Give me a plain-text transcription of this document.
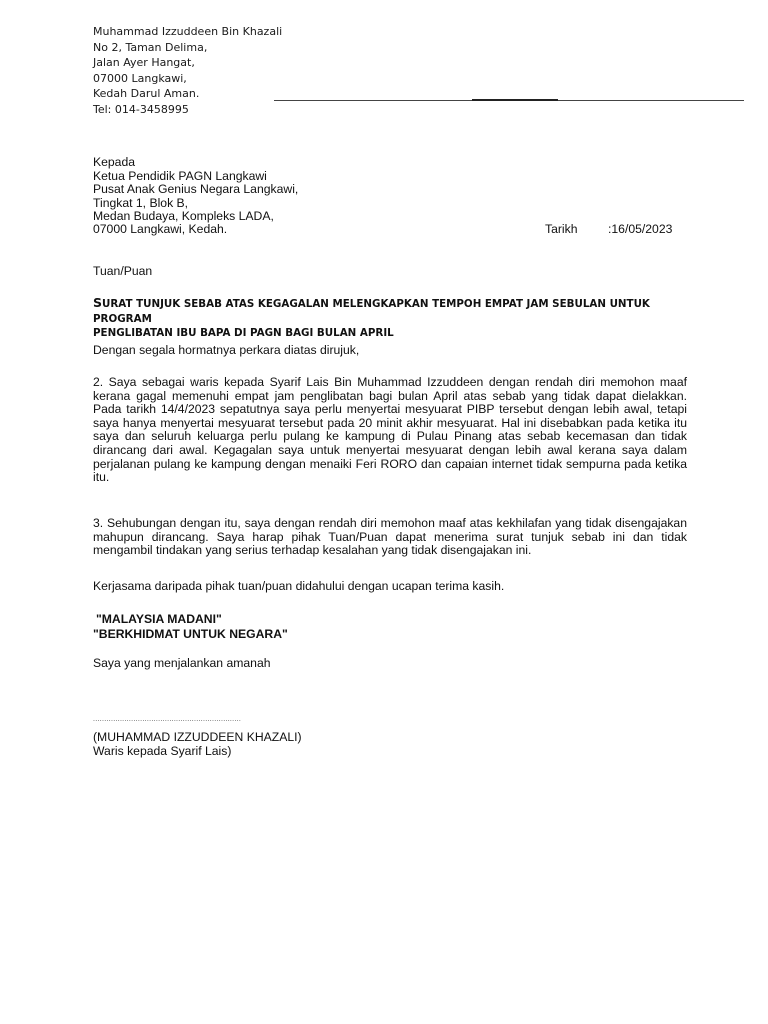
Muhammad Izzuddeen Bin Khazali
No 2, Taman Delima,
Jalan Ayer Hangat,
07000 Langkawi,
Kedah Darul Aman.
Tel: 014-3458995
Kepada
Ketua Pendidik PAGN Langkawi
Pusat Anak Genius Negara Langkawi,
Tingkat 1, Blok B,
Medan Budaya, Kompleks LADA,
07000 Langkawi, Kedah.	Tarikh :16/05/2023
Tuan/Puan
SURAT TUNJUK SEBAB ATAS KEGAGALAN MELENGKAPKAN TEMPOH EMPAT JAM SEBULAN UNTUK PROGRAM
PENGLIBATAN IBU BAPA DI PAGN BAGI BULAN APRIL
Dengan segala hormatnya perkara diatas dirujuk,
2. Saya sebagai waris kepada Syarif Lais Bin Muhammad Izzuddeen dengan rendah diri memohon maaf
kerana gagal memenuhi empat jam penglibatan bagi bulan April atas sebab yang tidak dapat dielakkan.
Pada tarikh 14/4/2023 sepatutnya saya perlu menyertai mesyuarat PIBP tersebut dengan lebih awal, tetapi
saya hanya menyertai mesyuarat tersebut pada 20 minit akhir mesyuarat. Hal ini disebabkan pada ketika itu
saya dan seluruh keluarga perlu pulang ke kampung di Pulau Pinang atas sebab kecemasan dan tidak
dirancang dari awal. Kegagalan saya untuk menyertai mesyuarat dengan lebih awal kerana saya dalam
perjalanan pulang ke kampung dengan menaiki Feri RORO dan capaian internet tidak sempurna pada ketika
itu.
3. Sehubungan dengan itu, saya dengan rendah diri memohon maaf atas kekhilafan yang tidak disengajakan
mahupun dirancang. Saya harap pihak Tuan/Puan dapat menerima surat tunjuk sebab ini dan tidak
mengambil tindakan yang serius terhadap kesalahan yang tidak disengajakan ini.
Kerjasama daripada pihak tuan/puan didahului dengan ucapan terima kasih.
"MALAYSIA MADANI"
"BERKHIDMAT UNTUK NEGARA"
Saya yang menjalankan amanah
..................................................................
(MUHAMMAD IZZUDDEEN KHAZALI)
Waris kepada Syarif Lais)
